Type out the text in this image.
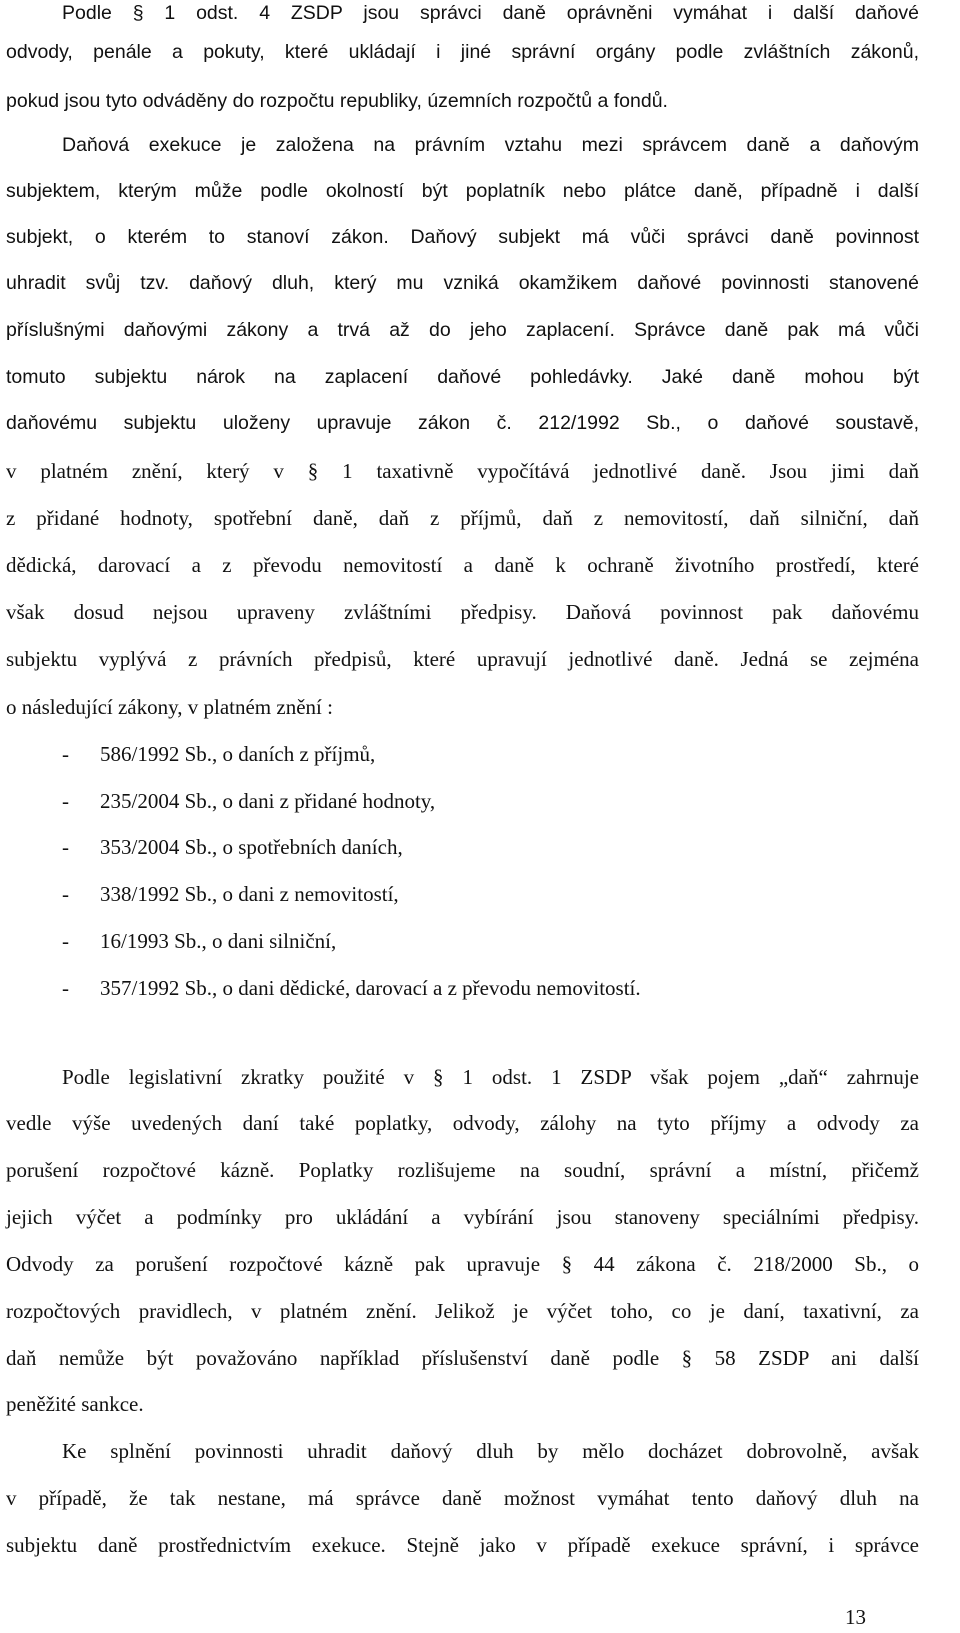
Podle § 1 odst. 4 ZSDP jsou správci daně oprávněni vymáhat i další daňové
odvody, penále a pokuty, které ukládají i jiné správní orgány podle zvláštních zákonů,
pokud jsou tyto odváděny do rozpočtu republiky, územních rozpočtů a fondů.
Daňová exekuce je založena na právním vztahu mezi správcem daně a daňovým
subjektem, kterým může podle okolností být poplatník nebo plátce daně, případně i další
subjekt, o kterém to stanoví zákon. Daňový subjekt má vůči správci daně povinnost
uhradit svůj tzv. daňový dluh, který mu vzniká okamžikem daňové povinnosti stanovené
příslušnými daňovými zákony a trvá až do jeho zaplacení. Správce daně pak má vůči
tomuto subjektu nárok na zaplacení daňové pohledávky. Jaké daně mohou být
daňovému subjektu uloženy upravuje zákon č. 212/1992 Sb., o daňové soustavě,
v platném znění, který v § 1 taxativně vypočítává jednotlivé daně. Jsou jimi daň
z přidané hodnoty, spotřební daně, daň z příjmů, daň z nemovitostí, daň silniční, daň
dědická, darovací a z převodu nemovitostí a daně k ochraně životního prostředí, které
však dosud nejsou upraveny zvláštními předpisy. Daňová povinnost pak daňovému
subjektu vyplývá z právních předpisů, které upravují jednotlivé daně. Jedná se zejména
o následující zákony, v platném znění :
- 586/1992 Sb., o daních z příjmů,
- 235/2004 Sb., o dani z přidané hodnoty,
- 353/2004 Sb., o spotřebních daních,
- 338/1992 Sb., o dani z nemovitostí,
- 16/1993 Sb., o dani silniční,
- 357/1992 Sb., o dani dědické, darovací a z převodu nemovitostí.
Podle legislativní zkratky použité v § 1 odst. 1 ZSDP však pojem „daň“ zahrnuje
vedle výše uvedených daní také poplatky, odvody, zálohy na tyto příjmy a odvody za
porušení rozpočtové kázně. Poplatky rozlišujeme na soudní, správní a místní, přičemž
jejich výčet a podmínky pro ukládání a vybírání jsou stanoveny speciálními předpisy.
Odvody za porušení rozpočtové kázně pak upravuje § 44 zákona č. 218/2000 Sb., o
rozpočtových pravidlech, v platném znění. Jelikož je výčet toho, co je daní, taxativní, za
daň nemůže být považováno například příslušenství daně podle § 58 ZSDP ani další
peněžité sankce.
Ke splnění povinnosti uhradit daňový dluh by mělo docházet dobrovolně, avšak
v případě, že tak nestane, má správce daně možnost vymáhat tento daňový dluh na
subjektu daně prostřednictvím exekuce. Stejně jako v případě exekuce správní, i správce
13
